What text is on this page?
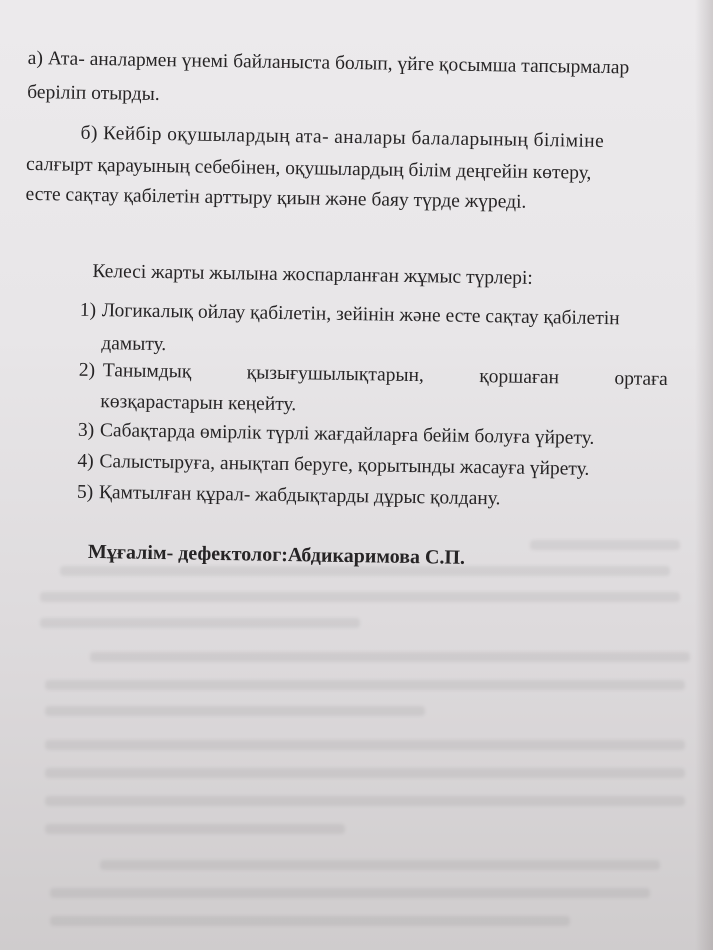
а) Ата- аналармен үнемі байланыста болып, үйге қосымша тапсырмалар
беріліп отырды.
б) Кейбір оқушылардың ата- аналары балаларының біліміне
салғырт қарауының себебінен, оқушылардың білім деңгейін көтеру,
есте сақтау қабілетін арттыру қиын және баяу түрде жүреді.
Келесі жарты жылына жоспарланған жұмыс түрлері:
1) Логикалық ойлау қабілетін, зейінін және есте сақтау қабілетін
дамыту.
2) Танымдық	қызығушылықтарын,	қоршаған	ортаға
көзқарастарын кеңейту.
3) Сабақтарда өмірлік түрлі жағдайларға бейім болуға үйрету.
4) Салыстыруға, анықтап беруге, қорытынды жасауға үйрету.
5) Қамтылған құрал- жабдықтарды дұрыс қолдану.
Мұғалім- дефектолог:Абдикаримова С.П.
